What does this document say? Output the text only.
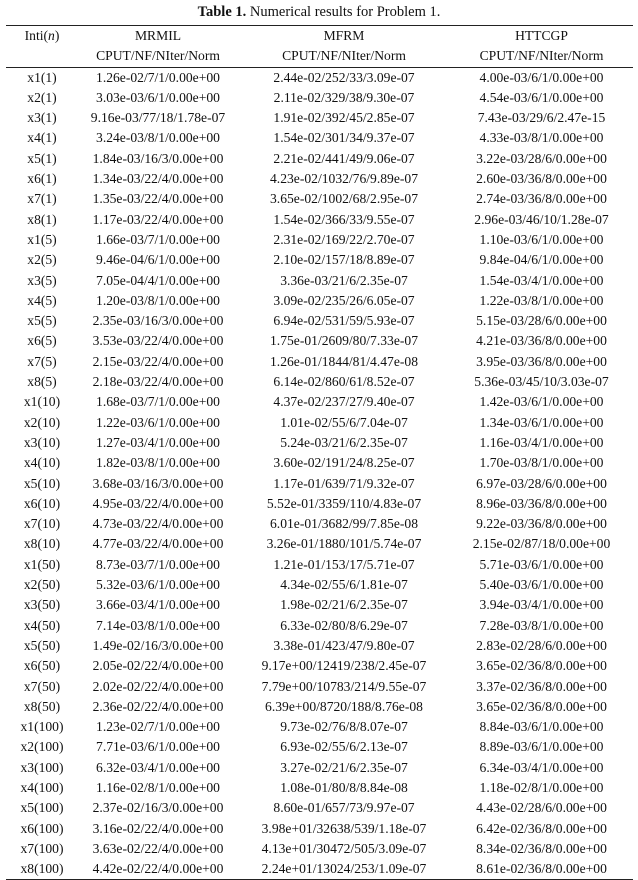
Table 1. Numerical results for Problem 1.
Inti(n)	MRMIL	MFRM	HTTCGP
	CPUT/NF/NIter/Norm	CPUT/NF/NIter/Norm	CPUT/NF/NIter/Norm
x1(1)	1.26e-02/7/1/0.00e+00	2.44e-02/252/33/3.09e-07	4.00e-03/6/1/0.00e+00
x2(1)	3.03e-03/6/1/0.00e+00	2.11e-02/329/38/9.30e-07	4.54e-03/6/1/0.00e+00
x3(1)	9.16e-03/77/18/1.78e-07	1.91e-02/392/45/2.85e-07	7.43e-03/29/6/2.47e-15
x4(1)	3.24e-03/8/1/0.00e+00	1.54e-02/301/34/9.37e-07	4.33e-03/8/1/0.00e+00
x5(1)	1.84e-03/16/3/0.00e+00	2.21e-02/441/49/9.06e-07	3.22e-03/28/6/0.00e+00
x6(1)	1.34e-03/22/4/0.00e+00	4.23e-02/1032/76/9.89e-07	2.60e-03/36/8/0.00e+00
x7(1)	1.35e-03/22/4/0.00e+00	3.65e-02/1002/68/2.95e-07	2.74e-03/36/8/0.00e+00
x8(1)	1.17e-03/22/4/0.00e+00	1.54e-02/366/33/9.55e-07	2.96e-03/46/10/1.28e-07
x1(5)	1.66e-03/7/1/0.00e+00	2.31e-02/169/22/2.70e-07	1.10e-03/6/1/0.00e+00
x2(5)	9.46e-04/6/1/0.00e+00	2.10e-02/157/18/8.89e-07	9.84e-04/6/1/0.00e+00
x3(5)	7.05e-04/4/1/0.00e+00	3.36e-03/21/6/2.35e-07	1.54e-03/4/1/0.00e+00
x4(5)	1.20e-03/8/1/0.00e+00	3.09e-02/235/26/6.05e-07	1.22e-03/8/1/0.00e+00
x5(5)	2.35e-03/16/3/0.00e+00	6.94e-02/531/59/5.93e-07	5.15e-03/28/6/0.00e+00
x6(5)	3.53e-03/22/4/0.00e+00	1.75e-01/2609/80/7.33e-07	4.21e-03/36/8/0.00e+00
x7(5)	2.15e-03/22/4/0.00e+00	1.26e-01/1844/81/4.47e-08	3.95e-03/36/8/0.00e+00
x8(5)	2.18e-03/22/4/0.00e+00	6.14e-02/860/61/8.52e-07	5.36e-03/45/10/3.03e-07
x1(10)	1.68e-03/7/1/0.00e+00	4.37e-02/237/27/9.40e-07	1.42e-03/6/1/0.00e+00
x2(10)	1.22e-03/6/1/0.00e+00	1.01e-02/55/6/7.04e-07	1.34e-03/6/1/0.00e+00
x3(10)	1.27e-03/4/1/0.00e+00	5.24e-03/21/6/2.35e-07	1.16e-03/4/1/0.00e+00
x4(10)	1.82e-03/8/1/0.00e+00	3.60e-02/191/24/8.25e-07	1.70e-03/8/1/0.00e+00
x5(10)	3.68e-03/16/3/0.00e+00	1.17e-01/639/71/9.32e-07	6.97e-03/28/6/0.00e+00
x6(10)	4.95e-03/22/4/0.00e+00	5.52e-01/3359/110/4.83e-07	8.96e-03/36/8/0.00e+00
x7(10)	4.73e-03/22/4/0.00e+00	6.01e-01/3682/99/7.85e-08	9.22e-03/36/8/0.00e+00
x8(10)	4.77e-03/22/4/0.00e+00	3.26e-01/1880/101/5.74e-07	2.15e-02/87/18/0.00e+00
x1(50)	8.73e-03/7/1/0.00e+00	1.21e-01/153/17/5.71e-07	5.71e-03/6/1/0.00e+00
x2(50)	5.32e-03/6/1/0.00e+00	4.34e-02/55/6/1.81e-07	5.40e-03/6/1/0.00e+00
x3(50)	3.66e-03/4/1/0.00e+00	1.98e-02/21/6/2.35e-07	3.94e-03/4/1/0.00e+00
x4(50)	7.14e-03/8/1/0.00e+00	6.33e-02/80/8/6.29e-07	7.28e-03/8/1/0.00e+00
x5(50)	1.49e-02/16/3/0.00e+00	3.38e-01/423/47/9.80e-07	2.83e-02/28/6/0.00e+00
x6(50)	2.05e-02/22/4/0.00e+00	9.17e+00/12419/238/2.45e-07	3.65e-02/36/8/0.00e+00
x7(50)	2.02e-02/22/4/0.00e+00	7.79e+00/10783/214/9.55e-07	3.37e-02/36/8/0.00e+00
x8(50)	2.36e-02/22/4/0.00e+00	6.39e+00/8720/188/8.76e-08	3.65e-02/36/8/0.00e+00
x1(100)	1.23e-02/7/1/0.00e+00	9.73e-02/76/8/8.07e-07	8.84e-03/6/1/0.00e+00
x2(100)	7.71e-03/6/1/0.00e+00	6.93e-02/55/6/2.13e-07	8.89e-03/6/1/0.00e+00
x3(100)	6.32e-03/4/1/0.00e+00	3.27e-02/21/6/2.35e-07	6.34e-03/4/1/0.00e+00
x4(100)	1.16e-02/8/1/0.00e+00	1.08e-01/80/8/8.84e-08	1.18e-02/8/1/0.00e+00
x5(100)	2.37e-02/16/3/0.00e+00	8.60e-01/657/73/9.97e-07	4.43e-02/28/6/0.00e+00
x6(100)	3.16e-02/22/4/0.00e+00	3.98e+01/32638/539/1.18e-07	6.42e-02/36/8/0.00e+00
x7(100)	3.63e-02/22/4/0.00e+00	4.13e+01/30472/505/3.09e-07	8.34e-02/36/8/0.00e+00
x8(100)	4.42e-02/22/4/0.00e+00	2.24e+01/13024/253/1.09e-07	8.61e-02/36/8/0.00e+00
